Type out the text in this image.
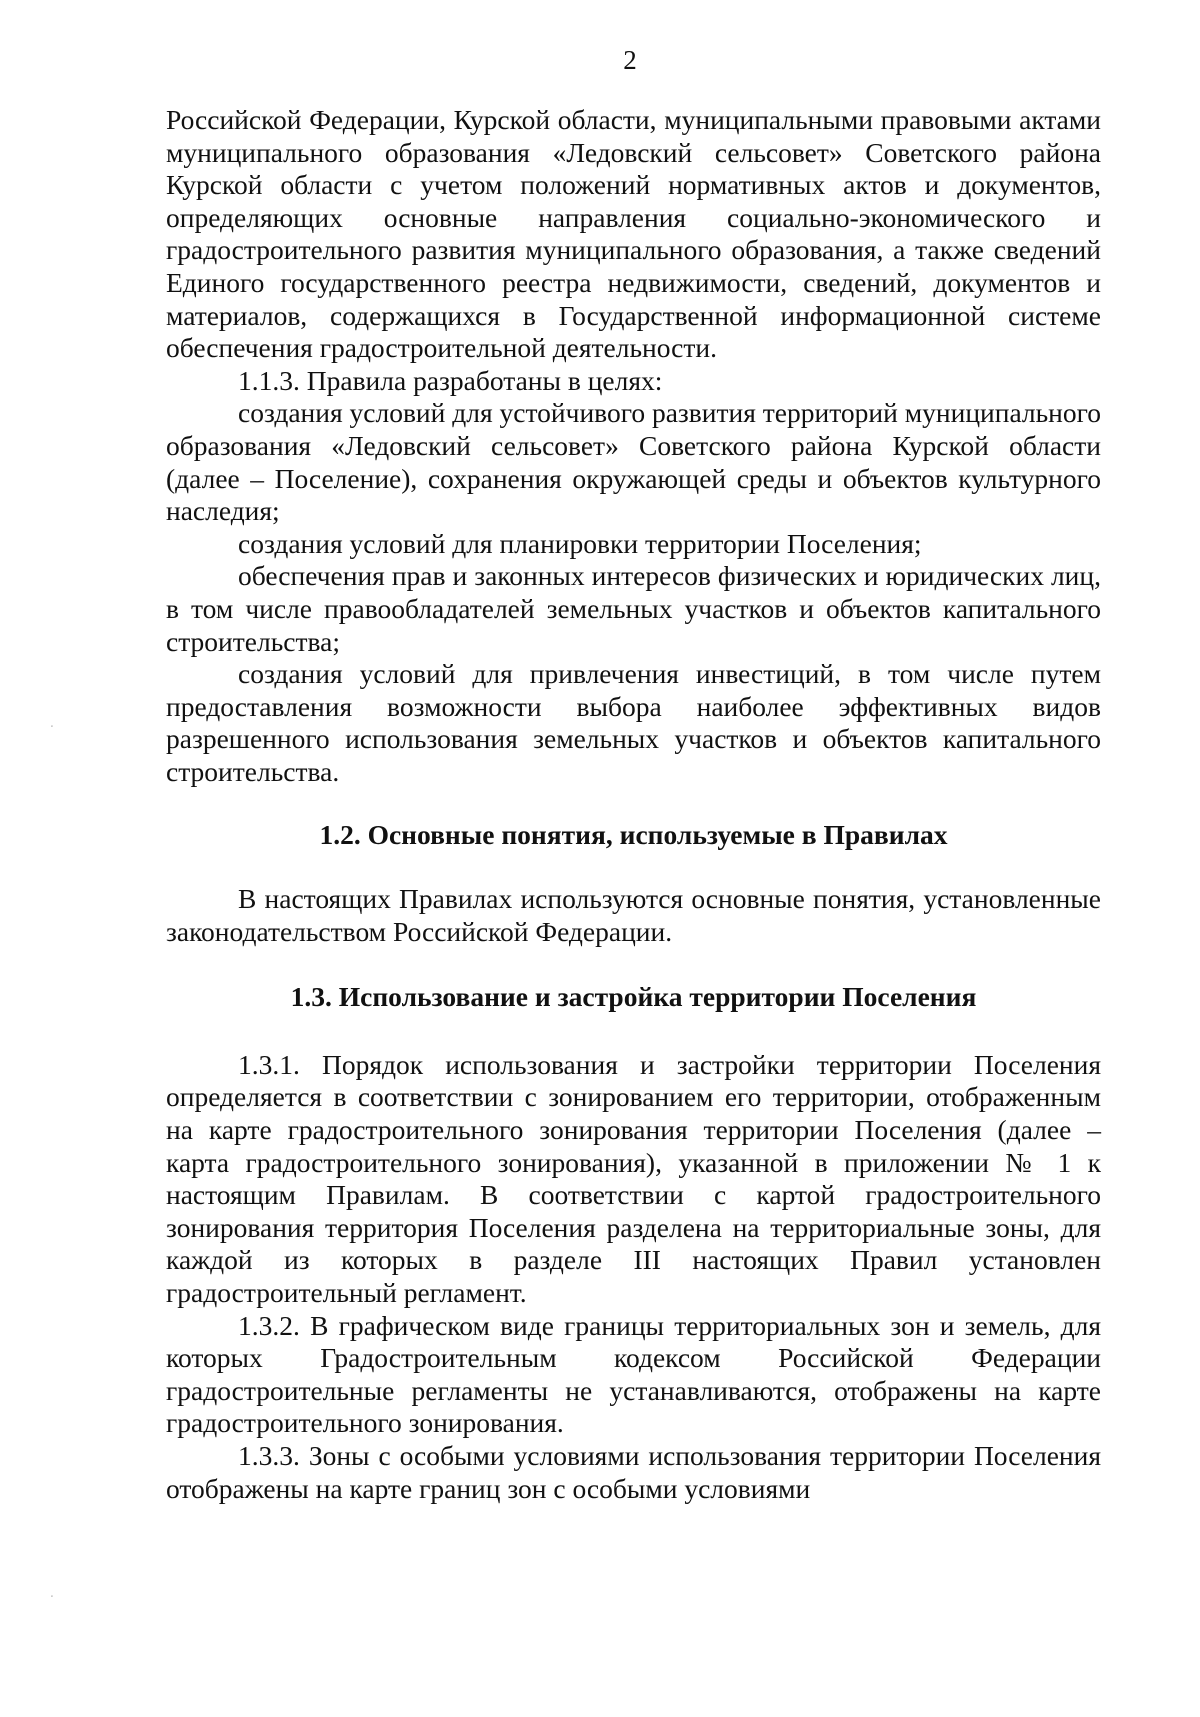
2

Российской Федерации, Курской области, муниципальными правовыми актами муниципального образования «Ледовский сельсовет» Советского района Курской области с учетом положений нормативных актов и документов, определяющих основные направления социально-экономического и градостроительного развития муниципального образования, а также сведений Единого государственного реестра недвижимости, сведений, документов и материалов, содержащихся в Государственной информационной системе обеспечения градостроительной деятельности.

1.1.3. Правила разработаны в целях:

создания условий для устойчивого развития территорий муниципального образования «Ледовский сельсовет» Советского района Курской области (далее – Поселение), сохранения окружающей среды и объектов культурного наследия;

создания условий для планировки территории Поселения;

обеспечения прав и законных интересов физических и юридических лиц, в том числе правообладателей земельных участков и объектов капитального строительства;

создания условий для привлечения инвестиций, в том числе путем предоставления возможности выбора наиболее эффективных видов разрешенного использования земельных участков и объектов капитального строительства.

1.2. Основные понятия, используемые в Правилах

В настоящих Правилах используются основные понятия, установленные законодательством Российской Федерации.

1.3. Использование и застройка территории Поселения

1.3.1. Порядок использования и застройки территории Поселения определяется в соответствии с зонированием его территории, отображенным на карте градостроительного зонирования территории Поселения (далее – карта градостроительного зонирования), указанной в приложении № 1 к настоящим Правилам. В соответствии с картой градостроительного зонирования территория Поселения разделена на территориальные зоны, для каждой из которых в разделе III настоящих Правил установлен градостроительный регламент.

1.3.2. В графическом виде границы территориальных зон и земель, для которых Градостроительным кодексом Российской Федерации градостроительные регламенты не устанавливаются, отображены на карте градостроительного зонирования.

1.3.3. Зоны с особыми условиями использования территории Поселения отображены на карте границ зон с особыми условиями

ˑ
ˑ
